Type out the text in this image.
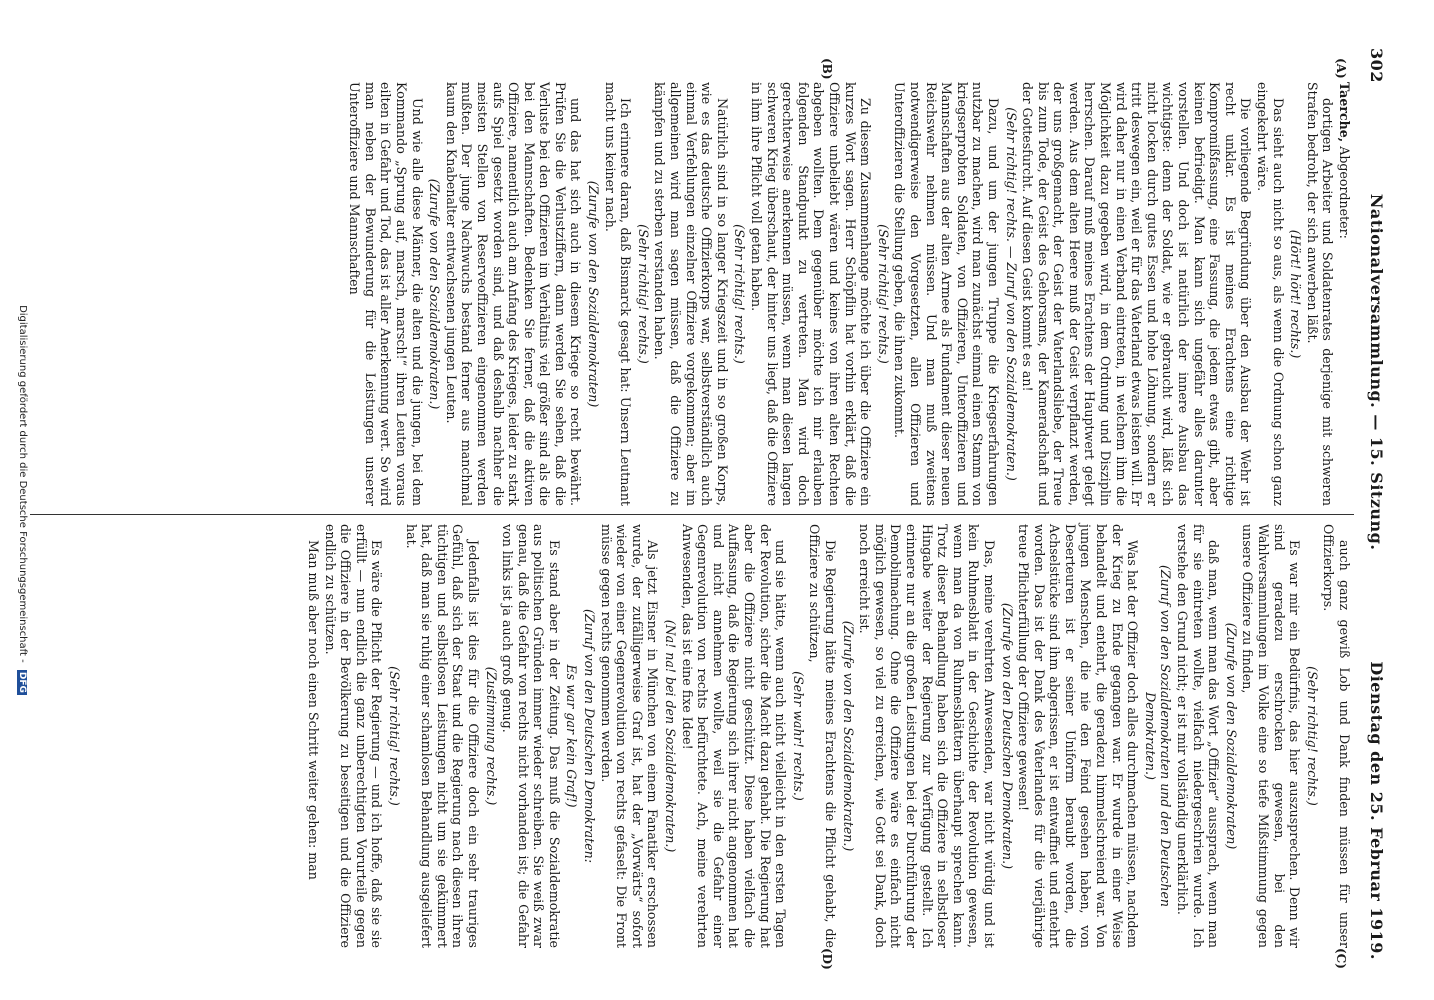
302
Nationalversammlung. — 15. Sitzung.
Dienstag den 25. Februar 1919.
(A)
(B)
(C)
(D)

Taerche, Abgeordneter:

dortigen Arbeiter und Soldatenrates derjenige mit schweren Strafen bedroht, der sich anwerben läßt.

(Hört! hört! rechts.)

Das sieht auch nicht so aus, als wenn die Ordnung schon ganz eingekehrt wäre.

Die vorliegende Begründung über den Ausbau der Wehr ist recht unklar. Es ist meines Erachtens eine richtige Kompromißfassung, eine Fassung, die jedem etwas gibt, aber keinen befriedigt. Man kann sich ungefähr alles darunter vorstellen. Und doch ist natürlich der innere Ausbau das wichtigste: denn der Soldat, wie er gebraucht wird, läßt sich nicht locken durch gutes Essen und hohe Löhnung, sondern er tritt deswegen ein, weil er für das Vaterland etwas leisten will. Er wird daher nur in einen Verband eintreten, in welchem ihm die Möglichkeit dazu gegeben wird, in dem Ordnung und Disziplin herrschen. Darauf muß meines Erachtens der Hauptwert gelegt werden. Aus dem alten Heere muß der Geist verpflanzt werden, der uns großgemacht, der Geist der Vaterlandsliebe, der Treue bis zum Tode, der Geist des Gehorsams, der Kameradschaft und der Gottesfurcht. Auf diesen Geist kommt es an!

(Sehr richtig! rechts. — Zuruf von den Sozialdemokraten.)

Dazu, und um der jungen Truppe die Kriegserfahrungen nutzbar zu machen, wird man zunächst einmal einen Stamm von kriegserprobten Soldaten, von Offizieren, Unteroffizieren und Mannschaften aus der alten Armee als Fundament dieser neuen Reichswehr nehmen müssen. Und man muß zweitens notwendigerweise den Vorgesetzten, allen Offizieren und Unteroffizieren die Stellung geben, die ihnen zukommt.

(Sehr richtig! rechts.)

Zu diesem Zusammenhange möchte ich über die Offiziere ein kurzes Wort sagen. Herr Schöpflin hat vorhin erklärt, daß die Offiziere unbeliebt wären und keines von ihren alten Rechten abgeben wollten. Dem gegenüber möchte ich mir erlauben folgenden Standpunkt zu vertreten. Man wird doch gerechterweise anerkennen müssen, wenn man diesen langen schweren Krieg überschaut, der hinter uns liegt, daß die Offiziere in ihm ihre Pflicht voll getan haben.

(Sehr richtig! rechts.)

Natürlich sind in so langer Kriegszeit und in so großen Korps, wie es das deutsche Offizierkorps war, selbstverständlich auch einmal Verfehlungen einzelner Offiziere vorgekommen; aber im allgemeinen wird man sagen müssen, daß die Offiziere zu kämpfen und zu sterben verstanden haben.

(Sehr richtig! rechts.)

Ich erinnere daran, daß Bismarck gesagt hat: Unsern Leutnant macht uns keiner nach.

(Zurufe von den Sozialdemokraten)

und das hat sich auch in diesem Kriege so recht bewährt. Prüfen Sie die Verlustziffern, dann werden Sie sehen, daß die Verluste bei den Offizieren im Verhältnis viel größer sind als die bei den Mannschaften. Bedenken Sie ferner, daß die aktiven Offiziere, namentlich auch am Anfang des Krieges, leider zu stark aufs Spiel gesetzt worden sind, und daß deshalb nachher die meisten Stellen von Reserveoffizieren eingenommen werden mußten. Der junge Nachwuchs bestand ferner aus manchmal kaum den Knabenalter entwachsenen jungen Leuten.

(Zurufe von den Sozialdemokraten.)

Und wie alle diese Männer, die alten und die jungen, bei dem Kommando „Sprung auf, marsch, marsch!“ ihren Leuten voraus eilten in Gefahr und Tod, das ist aller Anerkennung wert. So wird man neben der Bewunderung für die Leistungen unserer Unteroffiziere und Mannschaften

auch ganz gewiß Lob und Dank finden müssen für unser Offizierkorps.

(Sehr richtig! rechts.)

Es war mir ein Bedürfnis, das hier auszusprechen. Denn wir sind geradezu erschrocken gewesen, bei den Wahlversammlungen im Volke eine so tiefe Mißstimmung gegen unsere Offiziere zu finden,

(Zurufe von den Sozialdemokraten)

daß man, wenn man das Wort „Offizier“ aussprach, wenn man für sie eintreten wollte, vielfach niedergeschrien wurde. Ich verstehe den Grund nicht; er ist mir vollständig unerklärlich.

(Zuruf von den Sozialdemokraten und den Deutschen Demokraten.)

Was hat der Offizier doch alles durchmachen müssen, nachdem der Krieg zu Ende gegangen war. Er wurde in einer Weise behandelt und entehrt, die geradezu himmelschreiend war. Von jungen Menschen, die nie den Feind gesehen haben, von Deserteuren ist er seiner Uniform beraubt worden, die Achselstücke sind ihm abgerissen, er ist entwaffnet und entehrt worden. Das ist der Dank des Vaterlandes für die vierjährige treue Pflichterfüllung der Offiziere gewesen!

(Zurufe von den Deutschen Demokraten.)

Das, meine verehrten Anwesenden, war nicht würdig und ist kein Ruhmesblatt in der Geschichte der Revolution gewesen, wenn man da von Ruhmesblättern überhaupt sprechen kann. Trotz dieser Behandlung haben sich die Offiziere in selbstloser Hingabe weiter der Regierung zur Verfügung gestellt. Ich erinnere nur an die großen Leistungen bei der Durchführung der Demobilmachung. Ohne die Offiziere wäre es einfach nicht möglich gewesen, so viel zu erreichen, wie Gott sei Dank, doch noch erreicht ist.

(Zurufe von den Sozialdemokraten.)

Die Regierung hätte meines Erachtens die Pflicht gehabt, die Offiziere zu schützen,

(Sehr wahr! rechts.)

und sie hätte, wenn auch nicht vielleicht in den ersten Tagen der Revolution, sicher die Macht dazu gehabt. Die Regierung hat aber die Offiziere nicht geschützt. Diese haben vielfach die Auffassung, daß die Regierung sich ihrer nicht angenommen hat und nicht annehmen wollte, weil sie die Gefahr einer Gegenrevolution von rechts befürchtete. Ach, meine verehrten Anwesenden, das ist eine fixe Idee!

(Na! na! bei den Sozialdemokraten.)

Als jetzt Eisner in München von einem Fanatiker erschossen wurde, der zufälligerweise Graf ist, hat der „Vorwärts“ sofort wieder von einer Gegenrevolution von rechts gefaselt: Die Front müsse gegen rechts genommen werden.

(Zuruf von den Deutschen Demokraten:

Es war gar kein Graf!)

Es stand aber in der Zeitung. Das muß die Sozialdemokratie aus politischen Gründen immer wieder schreiben. Sie weiß zwar genau, daß die Gefahr von rechts nicht vorhanden ist; die Gefahr von links ist ja auch groß genug.

(Zustimmung rechts.)

Jedenfalls ist dies für die Offiziere doch ein sehr trauriges Gefühl, daß sich der Staat und die Regierung nach diesen ihren tüchtigen und selbstlosen Leistungen nicht um sie gekümmert hat, daß man sie ruhig einer schamlosen Behandlung ausgeliefert hat.

(Sehr richtig! rechts.)

Es wäre die Pflicht der Regierung — und ich hoffe, daß sie sie erfüllt — nun endlich die ganz unberechtigten Vorurteile gegen die Offiziere in der Bevölkerung zu beseitigen und die Offiziere endlich zu schützen.

Man muß aber noch einen Schritt weiter gehen: man

Digitalisierung gefördert durch die Deutsche Forschungsgemeinschaft - DFG
